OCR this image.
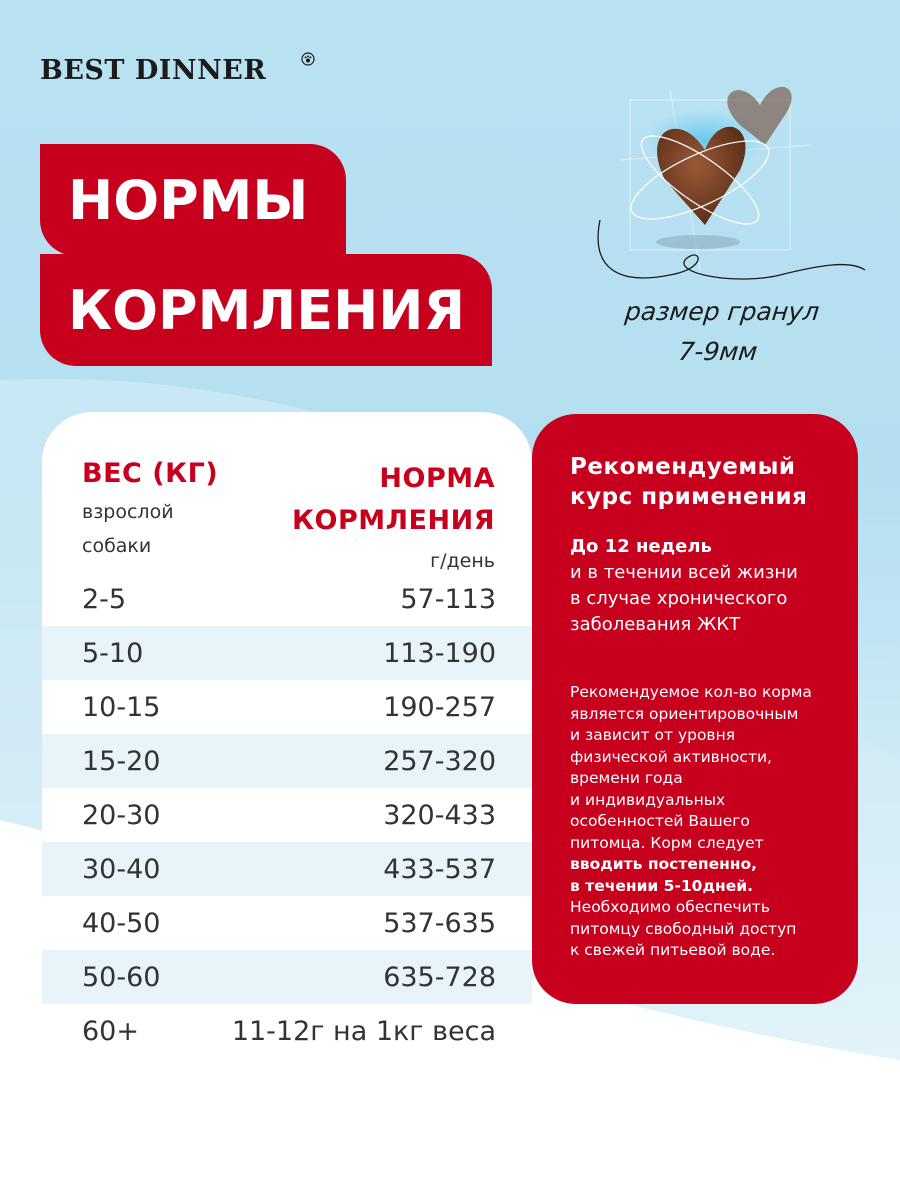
BEST DINNER
НОРМЫ
КОРМЛЕНИЯ	размер гранул
7-9мм
ВЕС (КГ)
взрослой
собаки
НОРМА
КОРМЛЕНИЯ
г/день
2-5	57-113
5-10	113-190
10-15	190-257
15-20	257-320
20-30	320-433
30-40	433-537
40-50	537-635
50-60	635-728
60+	11-12г на 1кг веса
Рекомендуемый
курс применения
До 12 недель
и в течении всей жизни
в случае хронического
заболевания ЖКТ
Рекомендуемое кол-во корма
является ориентировочным
и зависит от уровня
физической активности,
времени года
и индивидуальных
особенностей Вашего
питомца. Корм следует
вводить постепенно,
в течении 5-10дней.
Необходимо обеспечить
питомцу свободный доступ
к свежей питьевой воде.
